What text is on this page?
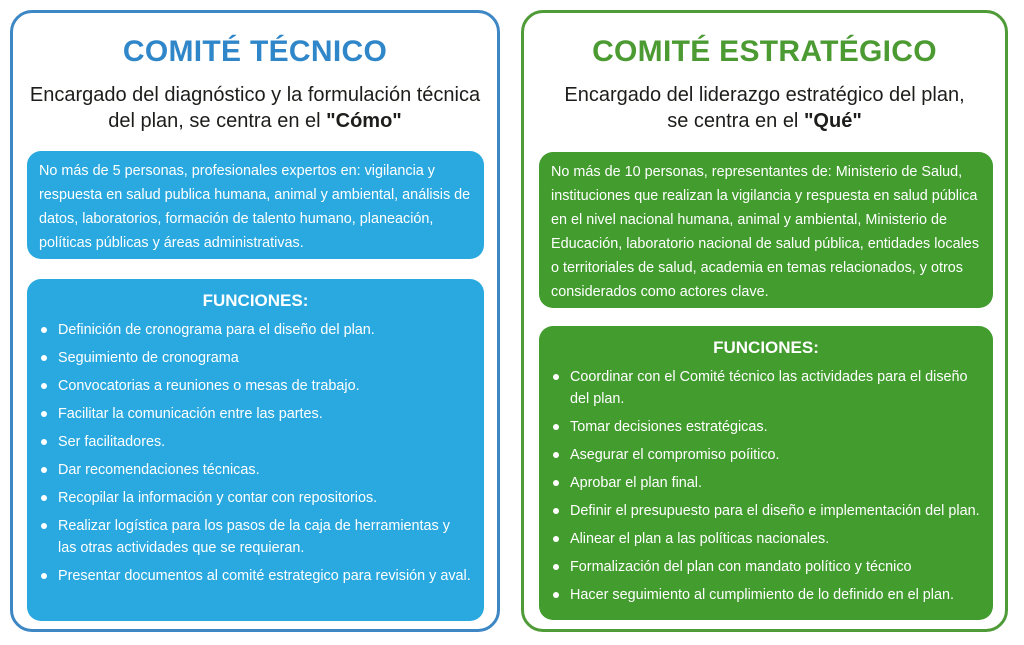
COMITÉ TÉCNICO

Encargado del diagnóstico y la formulación técnica
del plan, se centra en el "Cómo"

No más de 5 personas, profesionales expertos en: vigilancia y respuesta en salud publica humana, animal y ambiental, análisis de datos, laboratorios, formación de talento humano, planeación, políticas públicas y áreas administrativas.
FUNCIONES:
Definición de cronograma para el diseño del plan.
Seguimiento de cronograma
Convocatorias a reuniones o mesas de trabajo.
Facilitar la comunicación entre las partes.
Ser facilitadores.
Dar recomendaciones técnicas.
Recopilar la información y contar con repositorios.
Realizar logística para los pasos de la caja de herramientas y las otras actividades que se requieran.
Presentar documentos al comité estrategico para revisión y aval.
COMITÉ ESTRATÉGICO

Encargado del liderazgo estratégico del plan,
se centra en el "Qué"

No más de 10 personas, representantes de: Ministerio de Salud, instituciones que realizan la vigilancia y respuesta en salud pública en el nivel nacional humana, animal y ambiental, Ministerio de Educación, laboratorio nacional de salud pública, entidades locales o territoriales de salud, academia en temas relacionados, y otros considerados como actores clave.
FUNCIONES:
Coordinar con el Comité técnico las actividades para el diseño del plan.
Tomar decisiones estratégicas.
Asegurar el compromiso poíitico.
Aprobar el plan final.
Definir el presupuesto para el diseño e implementación del plan.
Alinear el plan a las políticas nacionales.
Formalización del plan con mandato político y técnico
Hacer seguimiento al cumplimiento de lo definido en el plan.
